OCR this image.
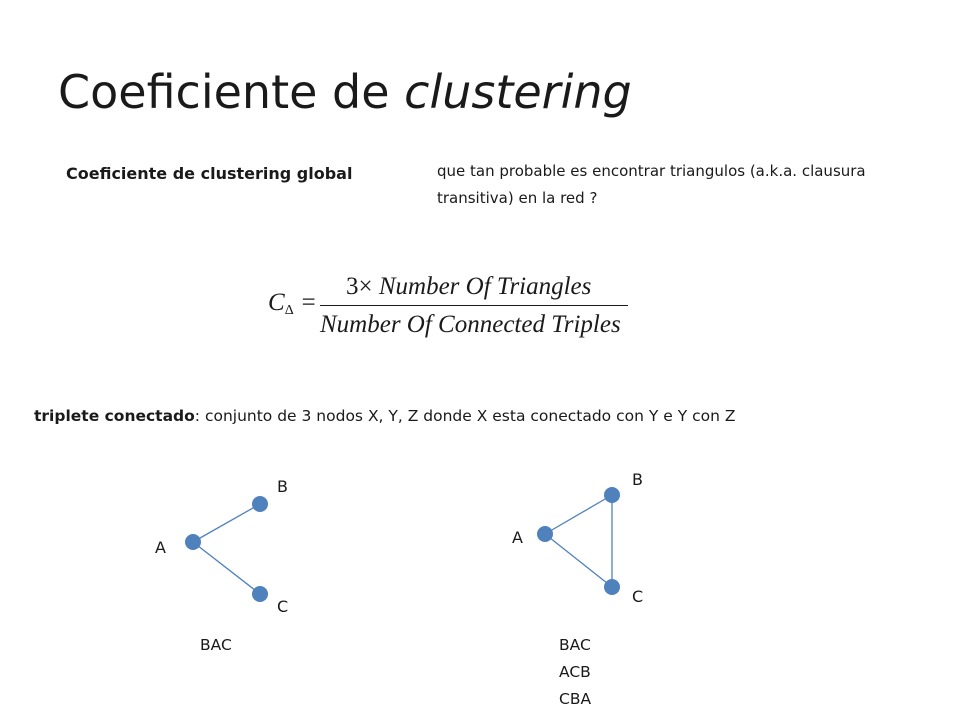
Coeficiente de clustering
Coeficiente de clustering global	que tan probable es encontrar triangulos (a.k.a. clausura transitiva) en la red ?
$C_\Delta$ =
3× Number Of Triangles
Number Of Connected Triples
triplete conectado: conjunto de 3 nodos X, Y, Z donde X esta conectado con Y e Y con Z
A
B
C
A
B
C
BAC	BAC
ACB
CBA
